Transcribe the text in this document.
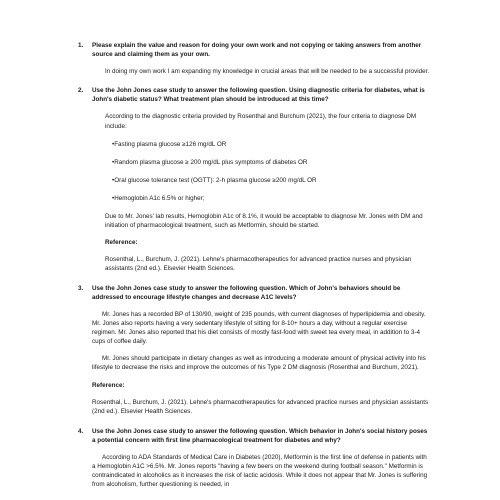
1. Please explain the value and reason for doing your own work and not copying or taking answers from another source and claiming them as your own.

In doing my own work I am expanding my knowledge in crucial areas that will be needed to be a successful provider.

2. Use the John Jones case study to answer the following question. Using diagnostic criteria for diabetes, what is John's diabetic status? What treatment plan should be introduced at this time?

According to the diagnostic criteria provided by Rosenthal and Burchum (2021), the four criteria to diagnose DM include:

•Fasting plasma glucose ≥126 mg/dL OR

•Random plasma glucose ≥ 200 mg/dL plus symptoms of diabetes OR

•Oral glucose tolerance test (OGTT): 2-h plasma glucose ≥200 mg/dL OR

•Hemoglobin A1c 6.5% or higher;

Due to Mr. Jones' lab results, Hemoglobin A1c of 8.1%, it would be acceptable to diagnose Mr. Jones with DM and initiation of pharmacological treatment, such as Metformin, should be started.

Reference:

Rosenthal, L., Burchum, J. (2021). Lehne's pharmacotherapeutics for advanced practice nurses and physician assistants (2nd ed.). Elsevier Health Sciences.

3. Use the John Jones case study to answer the following question. Which of John's behaviors should be addressed to encourage lifestyle changes and decrease A1C levels?

Mr. Jones has a recorded BP of 130/90, weight of 235 pounds, with current diagnoses of hyperlipidemia and obesity. Mr. Jones also reports having a very sedentary lifestyle of sitting for 8-10+ hours a day, without a regular exercise regimen. Mr. Jones also reported that his diet consists of mostly fast-food with sweet tea every meal, in addition to 3-4 cups of coffee daily.

Mr. Jones should participate in dietary changes as well as introducing a moderate amount of physical activity into his lifestyle to decrease the risks and improve the outcomes of his Type 2 DM diagnosis (Rosenthal and Burchum, 2021).

Reference:

Rosenthal, L., Burchum, J. (2021). Lehne's pharmacotherapeutics for advanced practice nurses and physician assistants (2nd ed.). Elsevier Health Sciences.

4. Use the John Jones case study to answer the following question. Which behavior in John's social history poses a potential concern with first line pharmacological treatment for diabetes and why?

According to ADA Standards of Medical Care in Diabetes (2020), Metformin is the first line of defense in patients with a Hemoglobin A1C >6.5%. Mr. Jones reports "having a few beers on the weekend during football season." Metformin is contraindicated in alcoholics as it increases the risk of lactic acidosis. While it does not appear that Mr. Jones is suffering from alcoholism, further questioning is needed, in
